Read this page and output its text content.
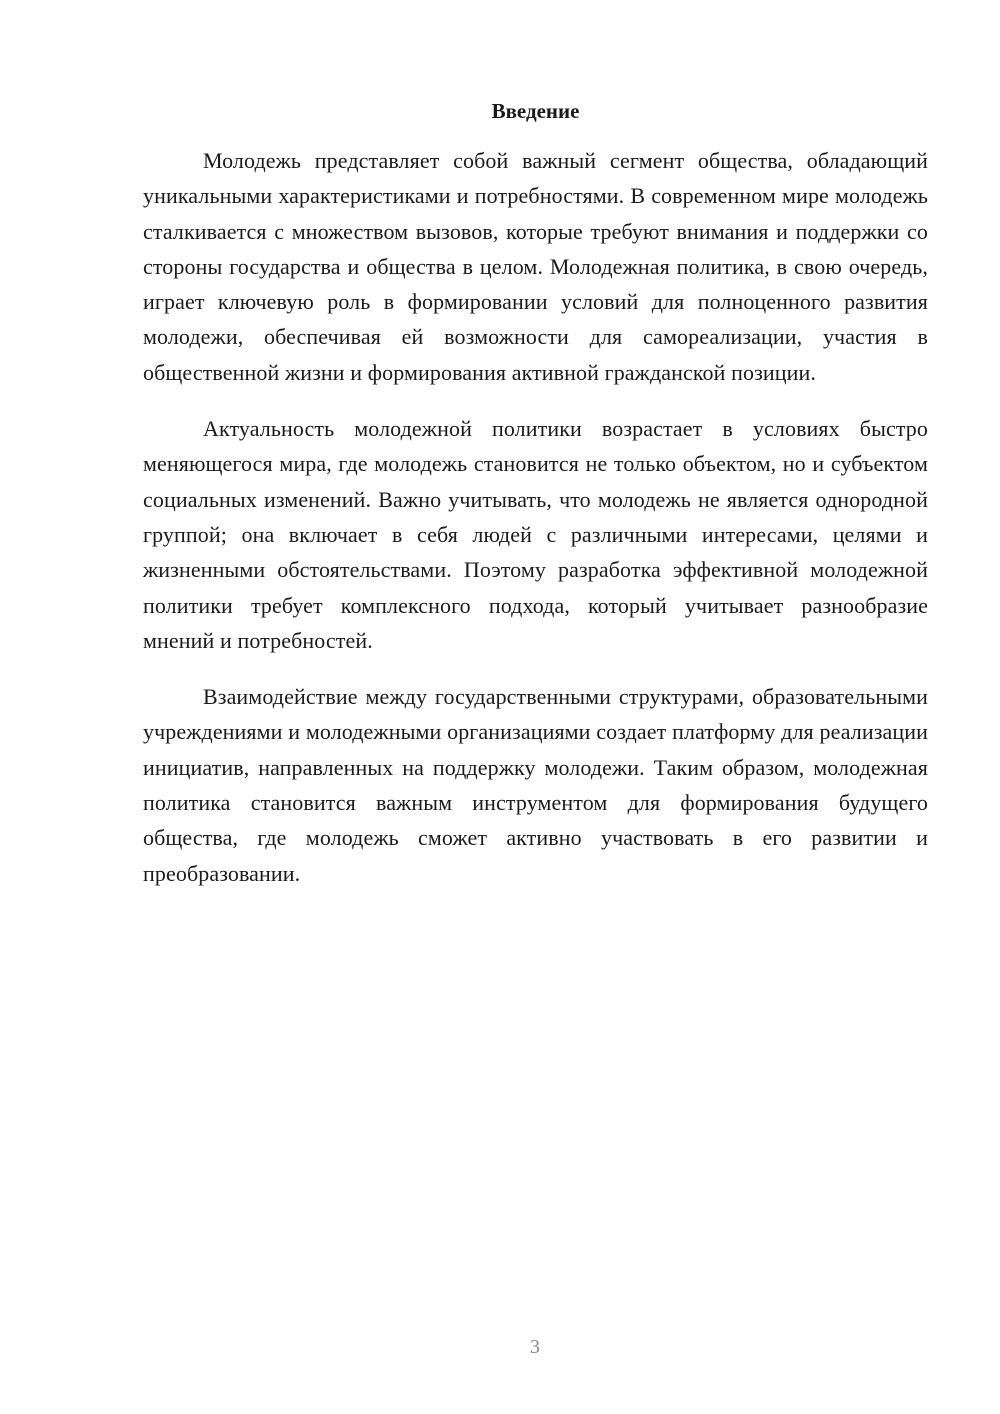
Введение

Молодежь представляет собой важный сегмент общества, обладающий уникальными характеристиками и потребностями. В современном мире молодежь сталкивается с множеством вызовов, которые требуют внимания и поддержки со стороны государства и общества в целом. Молодежная политика, в свою очередь, играет ключевую роль в формировании условий для полноценного развития молодежи, обеспечивая ей возможности для самореализации, участия в общественной жизни и формирования активной гражданской позиции.

Актуальность молодежной политики возрастает в условиях быстро меняющегося мира, где молодежь становится не только объектом, но и субъектом социальных изменений. Важно учитывать, что молодежь не является однородной группой; она включает в себя людей с различными интересами, целями и жизненными обстоятельствами. Поэтому разработка эффективной молодежной политики требует комплексного подхода, который учитывает разнообразие мнений и потребностей.

Взаимодействие между государственными структурами, образовательными учреждениями и молодежными организациями создает платформу для реализации инициатив, направленных на поддержку молодежи. Таким образом, молодежная политика становится важным инструментом для формирования будущего общества, где молодежь сможет активно участвовать в его развитии и преобразовании.

3
